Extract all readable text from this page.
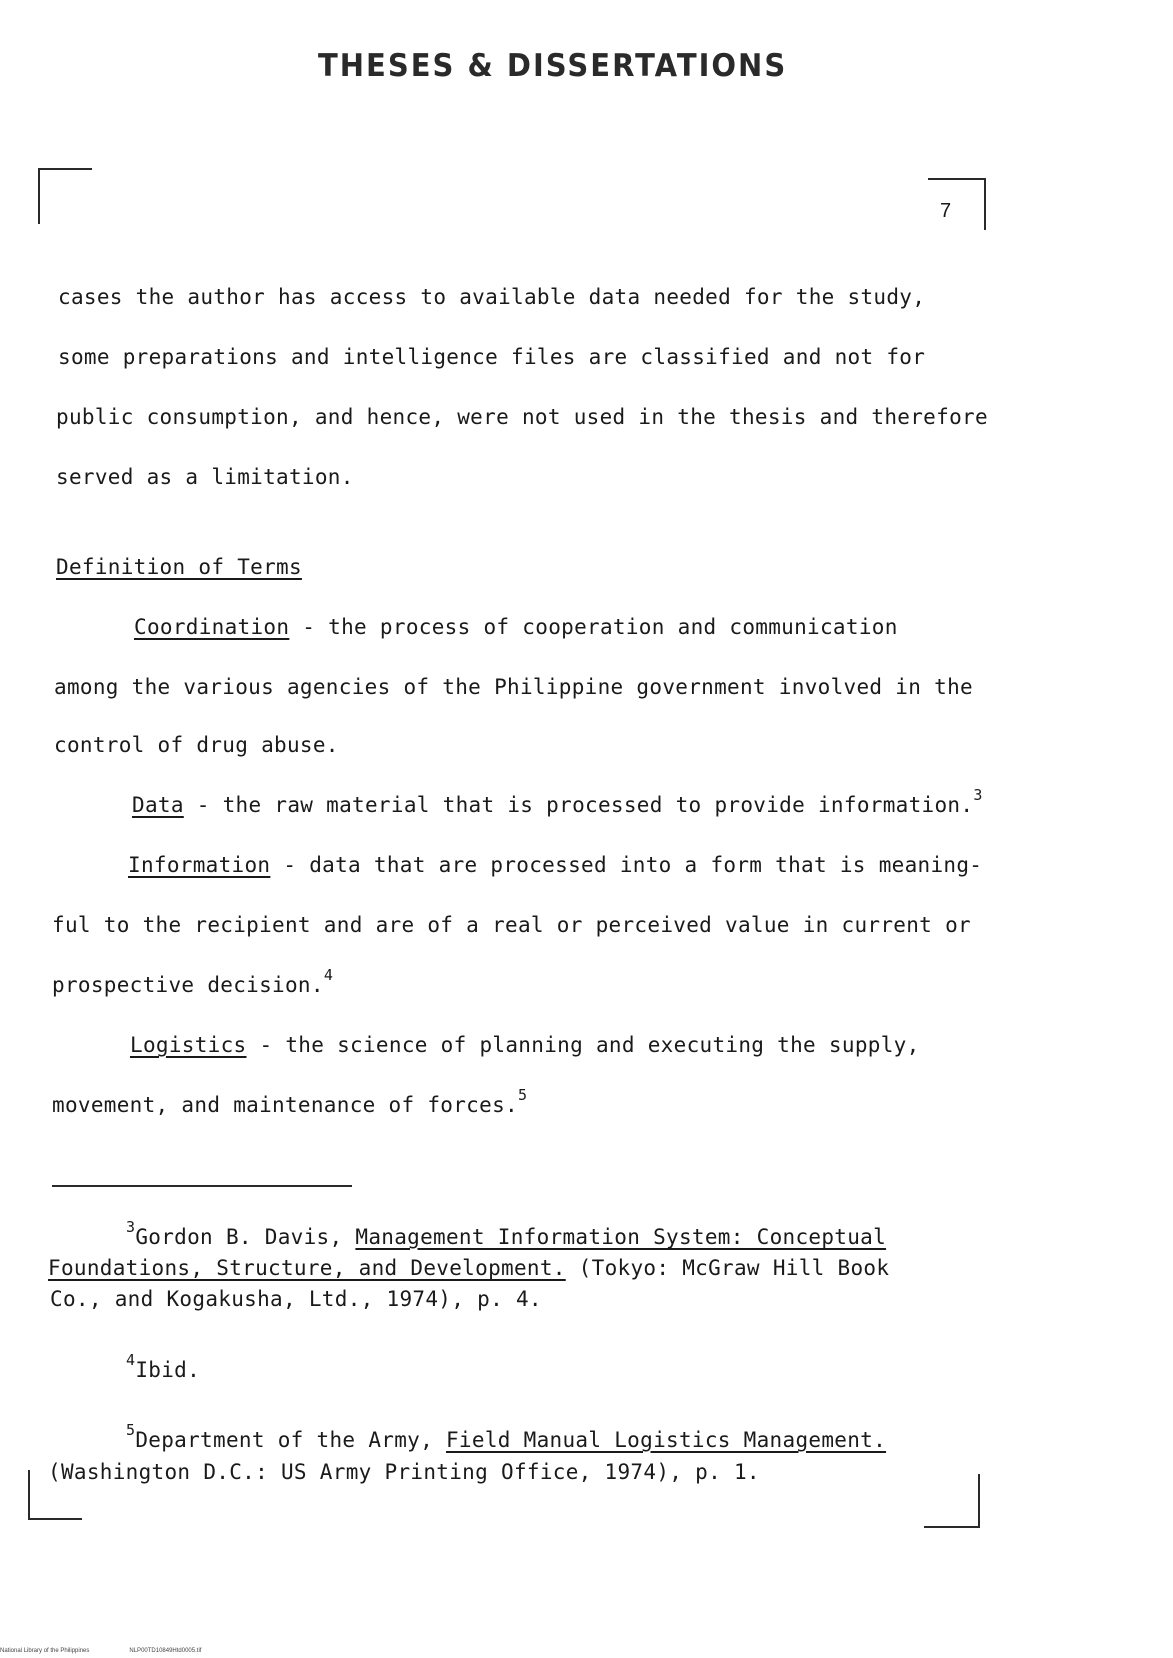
THESES & DISSERTATIONS
7
cases the author has access to available data needed for the study,
some preparations and intelligence files are classified and not for
public consumption, and hence, were not used in the thesis and therefore
served as a limitation.
Definition of Terms
Coordination - the process of cooperation and communication
among the various agencies of the Philippine government involved in the
control of drug abuse.
Data - the raw material that is processed to provide information.$^3$
Information - data that are processed into a form that is meaning-
ful to the recipient and are of a real or perceived value in current or
prospective decision.$^4$
Logistics - the science of planning and executing the supply,
movement, and maintenance of forces.$^5$
$^3$Gordon B. Davis, Management Information System: Conceptual
Foundations, Structure, and Development. (Tokyo: McGraw Hill Book
Co., and Kogakusha, Ltd., 1974), p. 4.
$^4$Ibid.
$^5$Department of the Army, Field Manual Logistics Management.
(Washington D.C.: US Army Printing Office, 1974), p. 1.
National Library of the Philippines	NLP00TD10849Htd0005.tif
